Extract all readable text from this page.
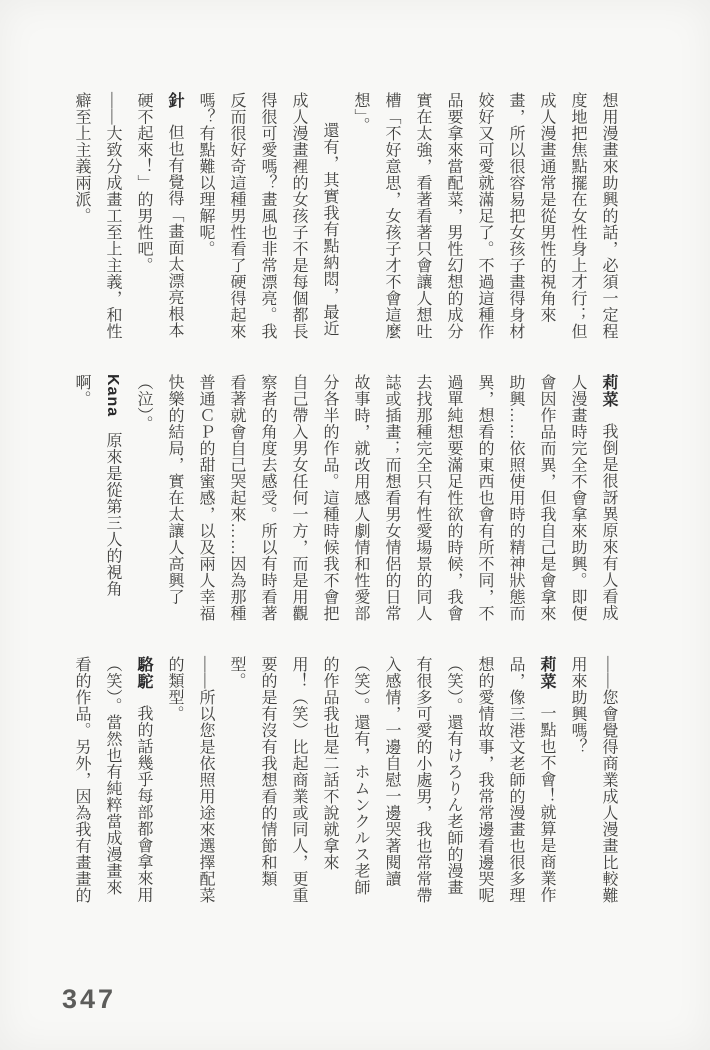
想用漫畫來助興的話，必須一定程
度地把焦點擺在女性身上才行；但
成人漫畫通常是從男性的視角來
畫，所以很容易把女孩子畫得身材
姣好又可愛就滿足了。不過這種作
品要拿來當配菜，男性幻想的成分
實在太強，看著看著只會讓人想吐
槽「不好意思，女孩子才不會這麼
想」。
還有，其實我有點納悶，最近
成人漫畫裡的女孩子不是每個都長
得很可愛嗎？畫風也非常漂亮。我
反而很好奇這種男性看了硬得起來
嗎？有點難以理解呢。
針但也有覺得「畫面太漂亮根本
硬不起來！」的男性吧。
——大致分成畫工至上主義，和性
癖至上主義兩派。
莉菜我倒是很訝異原來有人看成
人漫畫時完全不會拿來助興。即便
會因作品而異，但我自己是會拿來
助興……依照使用時的精神狀態而
異，想看的東西也會有所不同，不
過單純想要滿足性欲的時候，我會
去找那種完全只有性愛場景的同人
誌或插畫；而想看男女情侶的日常
故事時，就改用感人劇情和性愛部
分各半的作品。這種時候我不會把
自己帶入男女任何一方，而是用觀
察者的角度去感受。所以有時看著
看著就會自己哭起來……因為那種
普通ＣＰ的甜蜜感，以及兩人幸福
快樂的結局，實在太讓人高興了
（泣）。
Kana原來是從第三人的視角
啊。
——您會覺得商業成人漫畫比較難
用來助興嗎？
莉菜一點也不會！就算是商業作
品，像三港文老師的漫畫也很多理
想的愛情故事，我常常邊看邊哭呢
（笑）。還有けろりん老師的漫畫
有很多可愛的小處男，我也常常帶
入感情，一邊自慰一邊哭著閱讀
（笑）。還有，ホムンクルス老師
的作品我也是二話不說就拿來
用！（笑）比起商業或同人，更重
要的是有沒有我想看的情節和類
型。
——所以您是依照用途來選擇配菜
的類型。
駱駝我的話幾乎每部都會拿來用
（笑）。當然也有純粹當成漫畫來
看的作品。另外，因為我有畫畫的
347
